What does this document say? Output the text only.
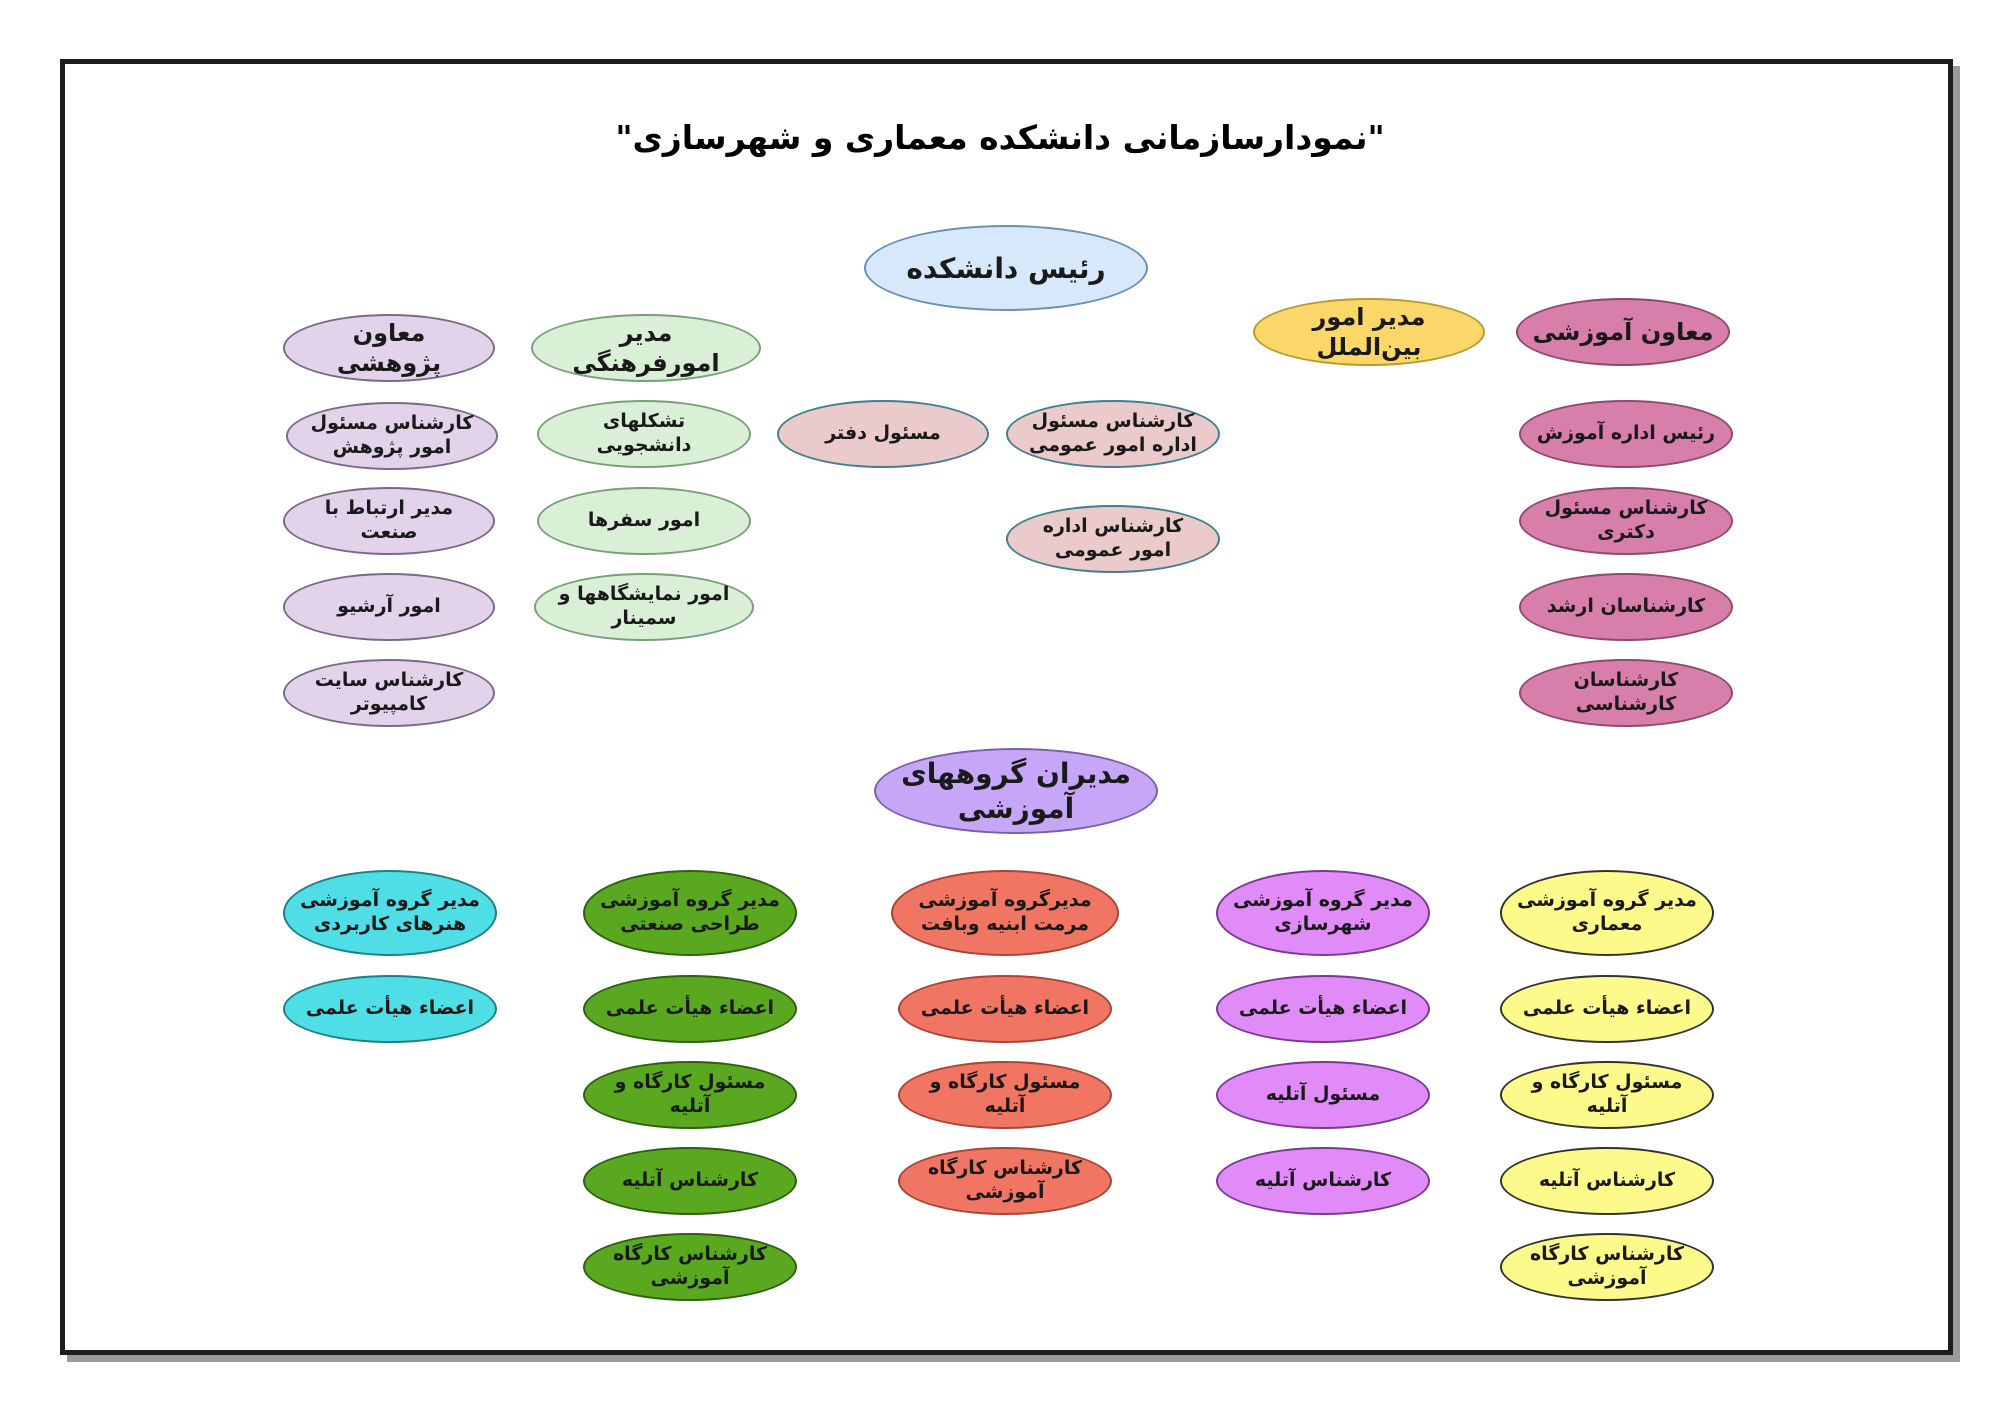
"نمودارسازمانی دانشکده معماری و شهرسازی"
رئیس دانشکده
معاون پژوهشی
مدیر امورفرهنگی
مدیر امور بین‌الملل
معاون آموزشی
کارشناس مسئول امور پژوهش
مدیر ارتباط با صنعت
امور آرشیو
کارشناس سایت کامپیوتر
تشکلهای دانشجویی
امور سفرها
امور نمایشگاهها و سمینار
مسئول دفتر
کارشناس مسئول اداره امور عمومی
کارشناس اداره امور عمومی
رئیس اداره آموزش
کارشناس مسئول دکتری
کارشناسان ارشد
کارشناسان کارشناسی
مدیران گروههای آموزشی
مدیر گروه آموزشی هنرهای کاربردی
اعضاء هیأت علمی
مدیر گروه آموزشی طراحی صنعتی
اعضاء هیأت علمی
مسئول کارگاه و آتلیه
کارشناس آتلیه
کارشناس کارگاه آموزشی
مدیرگروه آموزشی مرمت ابنیه وبافت
اعضاء هیأت علمی
مسئول کارگاه و آتلیه
کارشناس کارگاه آموزشی
مدیر گروه آموزشی شهرسازی
اعضاء هیأت علمی
مسئول آتلیه
کارشناس آتلیه
مدیر گروه آموزشی معماری
اعضاء هیأت علمی
مسئول کارگاه و آتلیه
کارشناس آتلیه
کارشناس کارگاه آموزشی
